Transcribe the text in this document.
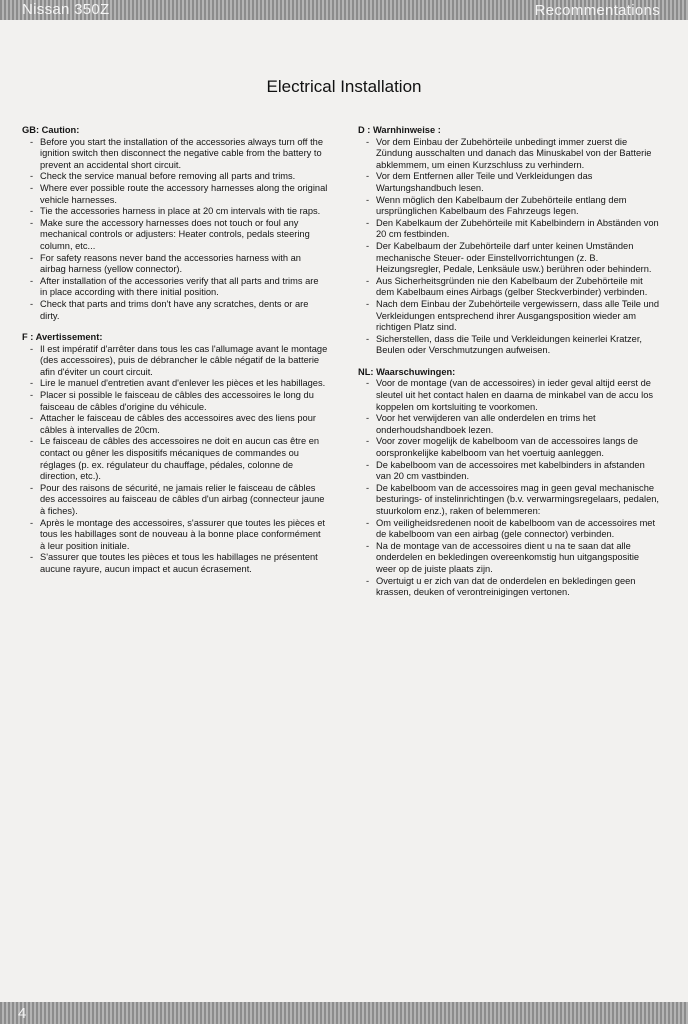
Nissan 350Z	Recommentations
Electrical Installation
GB: Caution:
- Before you start the installation of the accessories always turn off the ignition switch then disconnect the negative cable from the battery to prevent an accidental short circuit.
- Check the service manual before removing all parts and trims.
- Where ever possible route the accessory harnesses along the original vehicle harnesses.
- Tie the accessories harness in place at 20 cm intervals with tie raps.
- Make sure the accessory harnesses does not touch or foul any mechanical controls or adjusters: Heater controls, pedals steering column, etc...
- For safety reasons never band the accessories harness with an airbag harness (yellow connector).
- After installation of the accessories verify that all parts and trims are in place according with there initial position.
- Check that parts and trims don't have any scratches, dents or are dirty.
F : Avertissement:
- Il est impératif d'arrêter dans tous les cas l'allumage avant le montage (des accessoires), puis de débrancher le câble négatif de la batterie afin d'éviter un court circuit.
- Lire le manuel d'entretien avant d'enlever les pièces et les habillages.
- Placer si possible le faisceau de câbles des accessoires le long du faisceau de câbles d'origine du véhicule.
- Attacher le faisceau de câbles des accessoires avec des liens pour câbles à intervalles de 20cm.
- Le faisceau de câbles des accessoires ne doit en aucun cas être en contact ou gêner les dispositifs mécaniques de commandes ou réglages (p. ex. régulateur du chauffage, pédales, colonne de direction, etc.).
- Pour des raisons de sécurité, ne jamais relier le faisceau de câbles des accessoires au faisceau de câbles d'un airbag (connecteur jaune à fiches).
- Après le montage des accessoires, s'assurer que toutes les pièces et tous les habillages sont de nouveau à la bonne place conformément à leur position initiale.
- S'assurer que toutes les pièces et tous les habillages ne présentent aucune rayure, aucun impact et aucun écrasement.
D : Warnhinweise :
- Vor dem Einbau der Zubehörteile unbedingt immer zuerst die Zündung ausschalten und danach das Minuskabel von der Batterie abklemmem, um einen Kurzschluss zu verhindern.
- Vor dem Entfernen aller Teile und Verkleidungen das Wartungshandbuch lesen.
- Wenn möglich den Kabelbaum der Zubehörteile entlang dem ursprünglichen Kabelbaum des Fahrzeugs legen.
- Den Kabelkaum der Zubehörteile mit Kabelbindern in Abständen von 20 cm festbinden.
- Der Kabelbaum der Zubehörteile darf unter keinen Umständen mechanische Steuer- oder Einstellvorrichtungen (z. B. Heizungsregler, Pedale, Lenksäule usw.) berühren oder behindern.
- Aus Sicherheitsgründen nie den Kabelbaum der Zubehörteile mit dem Kabelbaum eines Airbags (gelber Steckverbinder) verbinden.
- Nach dem Einbau der Zubehörteile vergewissern, dass alle Teile und Verkleidungen entsprechend ihrer Ausgangsposition wieder am richtigen Platz sind.
- Sicherstellen, dass die Teile und Verkleidungen keinerlei Kratzer, Beulen oder Verschmutzungen aufweisen.
NL: Waarschuwingen:
- Voor de montage (van de accessoires) in ieder geval altijd eerst de sleutel uit het contact halen en daarna de minkabel van de accu los koppelen om kortsluiting te voorkomen.
- Voor het verwijderen van alle onderdelen en trims het onderhoudshandboek lezen.
- Voor zover mogelijk de kabelboom van de accessoires langs de oorspronkelijke kabelboom van het voertuig aanleggen.
- De kabelboom van de accessoires met kabelbinders in afstanden van 20 cm vastbinden.
- De kabelboom van de accessoires mag in geen geval mechanische besturings- of instelinrichtingen (b.v. verwarmingsregelaars, pedalen, stuurkolom enz.), raken of belemmeren:
- Om veiligheidsredenen nooit de kabelboom van de accessoires met de kabelboom van een airbag (gele connector) verbinden.
- Na de montage van de accessoires dient u na te saan dat alle onderdelen en bekledingen overeenkomstig hun uitgangspositie weer op de juiste plaats zijn.
- Overtuigt u er zich van dat de onderdelen en bekledingen geen krassen, deuken of verontreinigingen vertonen.
4
